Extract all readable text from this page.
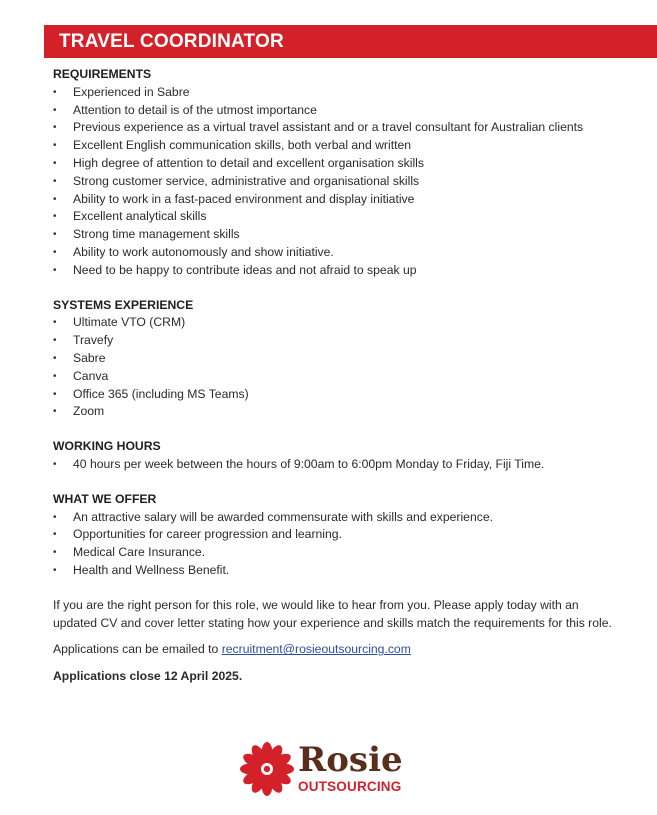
TRAVEL COORDINATOR

REQUIREMENTS

• Experienced in Sabre
• Attention to detail is of the utmost importance
• Previous experience as a virtual travel assistant and or a travel consultant for Australian clients
• Excellent English communication skills, both verbal and written
• High degree of attention to detail and excellent organisation skills
• Strong customer service, administrative and organisational skills
• Ability to work in a fast-paced environment and display initiative
• Excellent analytical skills
• Strong time management skills
• Ability to work autonomously and show initiative.
• Need to be happy to contribute ideas and not afraid to speak up

SYSTEMS EXPERIENCE

• Ultimate VTO (CRM)
• Travefy
• Sabre
• Canva
• Office 365 (including MS Teams)
• Zoom

WORKING HOURS

• 40 hours per week between the hours of 9:00am to 6:00pm Monday to Friday, Fiji Time.

WHAT WE OFFER

• An attractive salary will be awarded commensurate with skills and experience.
• Opportunities for career progression and learning.
• Medical Care Insurance.
• Health and Wellness Benefit.

If you are the right person for this role, we would like to hear from you. Please apply today with an updated CV and cover letter stating how your experience and skills match the requirements for this role.

Applications can be emailed to recruitment@rosieoutsourcing.com

Applications close 12 April 2025.

Rosie
OUTSOURCING
